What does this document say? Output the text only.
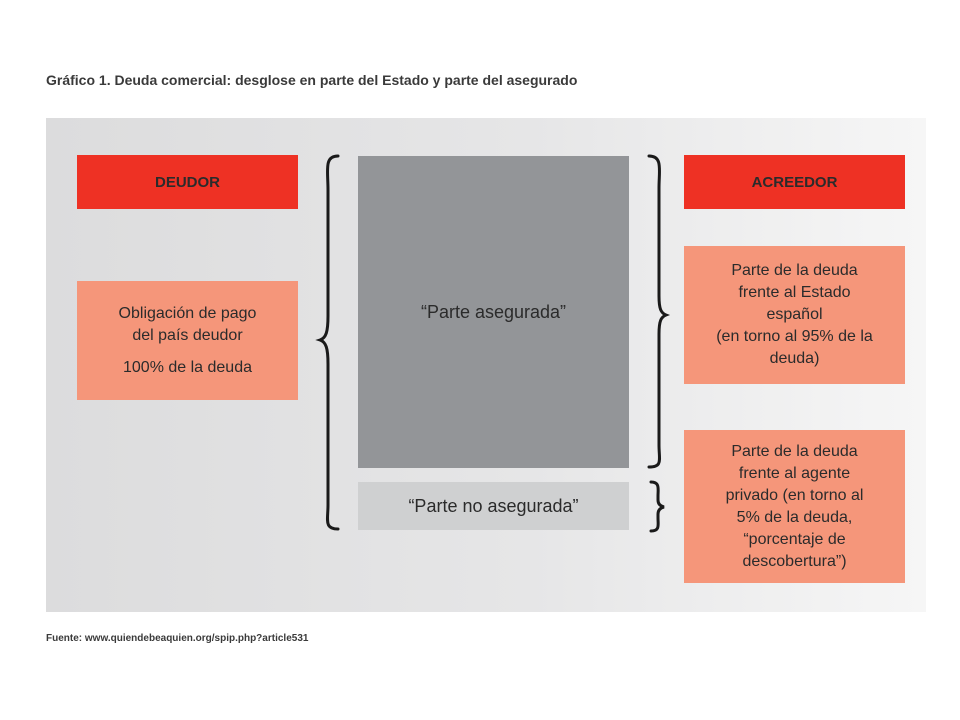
Gráfico 1. Deuda comercial: desglose en parte del Estado y parte del asegurado
DEUDOR
Obligación de pago
del país deudor
100% de la deuda
“Parte asegurada”
“Parte no asegurada”
ACREEDOR
Parte de la deuda
frente al Estado
español
(en torno al 95% de la
deuda)
Parte de la deuda
frente al agente
privado (en torno al
5% de la deuda,
“porcentaje de
descobertura”)
Fuente: www.quiendebeaquien.org/spip.php?article531
